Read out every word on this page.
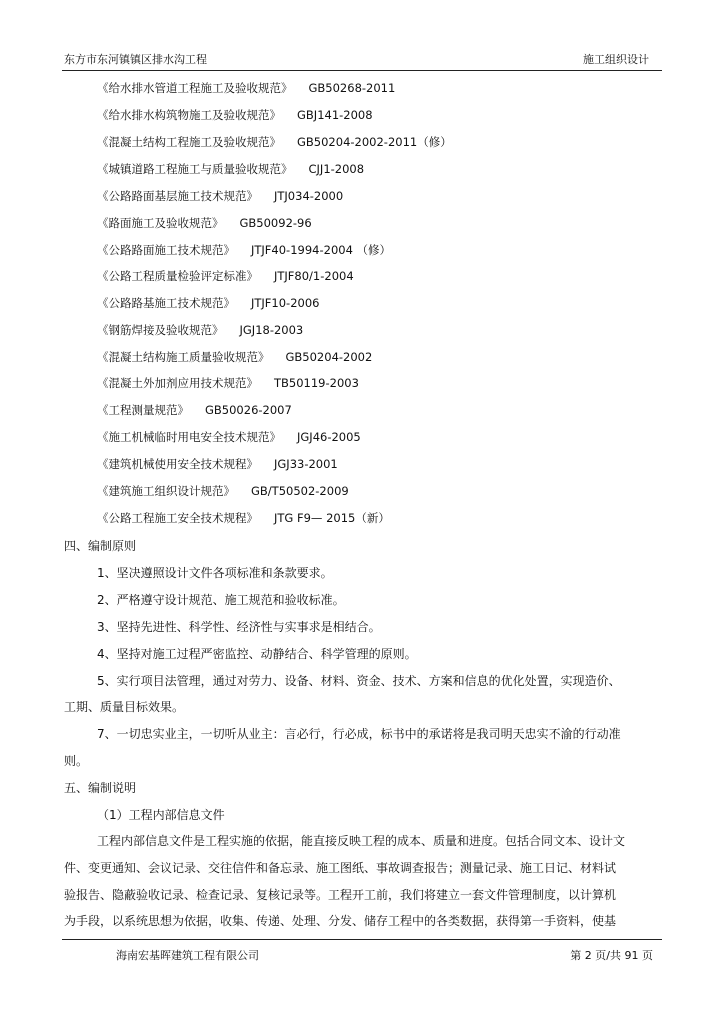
东方市东河镇镇区排水沟工程	施工组织设计
《给水排水管道工程施工及验收规范》 GB50268-2011
《给水排水构筑物施工及验收规范》 GBJ141-2008
《混凝土结构工程施工及验收规范》 GB50204-2002-2011（修）
《城镇道路工程施工与质量验收规范》 CJJ1-2008
《公路路面基层施工技术规范》 JTJ034-2000
《路面施工及验收规范》 GB50092-96
《公路路面施工技术规范》 JTJF40-1994-2004 （修）
《公路工程质量检验评定标准》 JTJF80/1-2004
《公路路基施工技术规范》 JTJF10-2006
《钢筋焊接及验收规范》 JGJ18-2003
《混凝土结构施工质量验收规范》 GB50204-2002
《混凝土外加剂应用技术规范》 TB50119-2003
《工程测量规范》 GB50026-2007
《施工机械临时用电安全技术规范》 JGJ46-2005
《建筑机械使用安全技术规程》 JGJ33-2001
《建筑施工组织设计规范》 GB/T50502-2009
《公路工程施工安全技术规程》 JTG F9— 2015（新）
四、编制原则
1、坚决遵照设计文件各项标准和条款要求。
2、严格遵守设计规范、施工规范和验收标准。
3、坚持先进性、科学性、经济性与实事求是相结合。
4、坚持对施工过程严密监控、动静结合、科学管理的原则。
5、实行项目法管理，通过对劳力、设备、材料、资金、技术、方案和信息的优化处置，实现造价、
工期、质量目标效果。
7、一切忠实业主，一切听从业主：言必行，行必成，标书中的承诺将是我司明天忠实不渝的行动准
则。
五、编制说明
（1）工程内部信息文件
工程内部信息文件是工程实施的依据，能直接反映工程的成本、质量和进度。包括合同文本、设计文
件、变更通知、会议记录、交往信件和备忘录、施工图纸、事故调查报告；测量记录、施工日记、材料试
验报告、隐蔽验收记录、检查记录、复核记录等。工程开工前，我们将建立一套文件管理制度，以计算机
为手段，以系统思想为依据，收集、传递、处理、分发、储存工程中的各类数据，获得第一手资料，使基
海南宏基晖建筑工程有限公司	第 2 页/共 91 页
